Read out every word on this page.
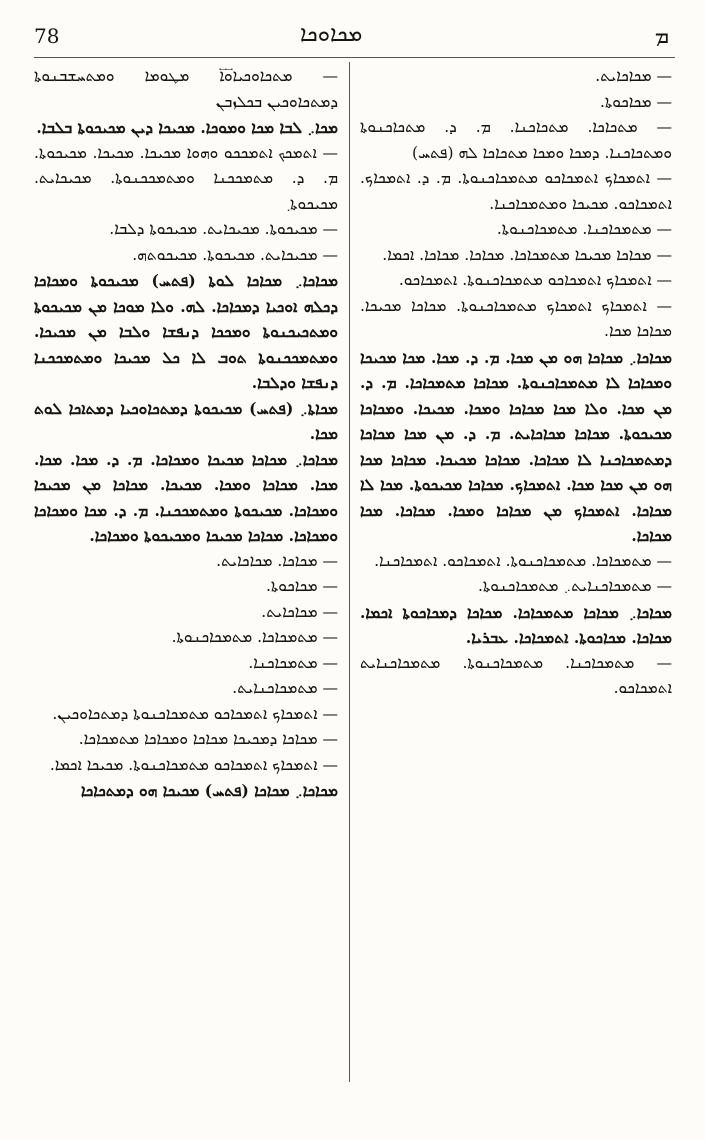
78	ܡܟܐܘܟܐ	ܡ

— ܡܬܟܐܘܟܝܐ܏ܘܐ ܡܛܘܡܐ ܘܡܬܚܫܒܢܘܬܐ ܕܡܬܟܐܘܟܝܢ ܒܟܠܙܒܢ

ܡܟܐ܇ ܠܒܐ ܡܟܐ ܘܡܘܟܐ. ܡܟܝܟܐ ܕܝܢ ܡܟܝܟܘܬܐ ܒܠܒܐ.

— ܐܬܡܟܟ ܐܬܡܟܟܘ ܘܗܘܐ ܡܟܝܟܐ. ܡܟܝܟܐ. ܡܟܝܟܘܬܐ. ܡ. ܕ. ܡܬܡܟܟܢܐ ܘܡܬܡܟܟܢܘܬܐ. ܡܟܝܟܐܝܬ. ܡܟܝܟܘܬܐ܂

— ܡܟܝܟܘܬܐ. ܡܟܝܟܐܝܬ. ܡܟܝܟܘܬܐ ܕܠܒܐ.

— ܡܟܝܟܐܝܬ. ܡܟܝܟܘܬܐ. ܡܟܝܟܘܬܗ.

ܡܟܐܟܐ܇ ܡܟܐܟܐ ܠܘܬܐ (ܦܬܚ) ܡܟܝܟܘܬܐ ܘܡܟܐܟܐ ܕܟܠܗ ܐܘܟܝܐ ܕܡܟܐܟܐ. ܠܗ. ܘܠܐ ܡܘܟܐ ܡܢ ܡܟܝܟܘܬܐ ܘܡܬܟܝܟܢܘܬܐ ܘܡܟܟܐ ܕܢܦܫܐ ܘܠܒܐ ܡܢ ܡܟܝܟܐ. ܘܡܬܡܟܟܢܘܬܐ ܬܘܒ ܠܐ ܟܠ ܡܟܝܟܐ ܘܡܬܡܟܟܢܐ ܕܢܦܫܐ ܘܕܠܒܐ.

ܡܟܐܬܐ܇ (ܦܬܚ) ܡܟܝܟܘܬܐ ܕܡܬܟܐܘܟܝܐ ܕܡܬܐܟܐ ܠܘܬ ܡܟܐ.

ܡܟܐܟܐ܇ ܡܟܐܟܐ ܡܟܝܟܐ ܘܡܟܐܟܐ. ܡ. ܕ. ܡܟܐ. ܡܟܐ. ܡܟܐ. ܡܟܐܟܐ ܘܡܟܐ. ܡܟܝܟܐ. ܡܟܐܟܐ ܡܢ ܡܟܝܟܐ ܘܡܟܐܟܐ. ܡܟܝܟܘܬܐ ܘܡܬܡܟܟܢܐ. ܡ. ܕ. ܡܟܐ ܘܡܟܐܟܐ ܘܡܟܐܟܐ. ܡܟܐܟܐ ܡܟܝܟܐ ܘܡܟܝܟܘܬܐ ܘܡܟܐܟܐ.

— ܡܟܐܟܐ. ܡܟܐܟܐܝܬ.

— ܡܟܐܟܘܬܐ.

— ܡܟܐܟܐܝܬ.

— ܡܬܡܟܐܟܐ. ܡܬܡܟܐܟܢܘܬܐ.

— ܡܬܡܟܐܟܢܐ.

— ܡܬܡܟܐܟܢܐܝܬ.

— ܐܬܡܟܐܟ ܐܬܡܟܐܟܘ ܡܬܡܟܐܟܢܘܬܐ ܕܡܬܟܐܘܟܝܢ.

— ܡܟܐܟܐ ܕܡܟܝܟܐ ܡܟܐܟܐ ܘܡܟܐܟܐ ܡܬܡܟܐܟܐ.

— ܐܬܡܟܐܟ ܐܬܡܟܐܟܘ ܡܬܡܟܐܟܢܘܬܐ. ܡܟܝܟܐ ܐܟܡܐ.

ܡܟܐܟܐ܇ ܡܟܐܟܐ (ܦܬܚ) ܡܟܝܟܐ ܗܘ ܕܡܬܟܐܟܐ

— ܡܟܐܟܐܝܬ.

— ܡܟܐܟܘܬܐ.

— ܡܬܟܐܟܐ. ܡܬܟܐܟܢܐ. ܡ. ܕ. ܡܬܟܐܟܢܘܬܐ ܘܡܬܟܐܟܢܐ. ܕܡܟܐ ܘܡܟܐ ܡܬܟܐܟܐ ܠܗ (ܦܬܚ)

— ܐܬܡܟܐܟ ܐܬܡܟܐܟܘ ܡܬܡܟܐܟܢܘܬܐ. ܡ. ܕ. ܐܬܡܟܐܟ. ܐܬܡܟܐܟܘ. ܡܟܝܟܐ ܘܡܬܡܟܐܟܢܐ.

— ܡܬܡܟܐܟܢܐ. ܡܬܡܟܐܟܢܘܬܐ.

— ܡܟܐܟܐ ܡܟܝܟܐ ܡܬܡܟܐܟܐ. ܡܟܐܟܐ. ܡܟܐܟܐ. ܐܟܡܐ.

— ܐܬܡܟܐܟ ܐܬܡܟܐܟܘ ܡܬܡܟܐܟܢܘܬܐ. ܐܬܡܟܐܟܘ.

— ܐܬܡܟܐܟ ܐܬܡܟܐܟ ܡܬܡܟܐܟܢܘܬܐ. ܡܟܐܟܐ ܡܟܝܟܐ. ܡܟܐܟܐ ܡܟܐ.

ܡܟܐܟܐ܇ ܡܟܐܟܐ ܗܘ ܡܢ ܡܟܐ. ܡ. ܕ. ܡܟܐ. ܡܟܐ ܡܟܝܟܐ ܘܡܟܐܟܐ ܠܐ ܡܬܡܟܐܟܢܘܬܐ. ܡܟܐܟܐ ܡܬܡܟܐܟܐ. ܡ. ܕ. ܡܢ ܡܟܐ. ܘܠܐ ܡܟܐ ܡܟܐܟܐ ܘܡܟܐ. ܡܟܝܟܐ. ܘܡܟܐܟܐ ܡܟܝܟܘܬܐ. ܡܟܐܟܐ ܡܟܐܟܐܝܬ. ܡ. ܕ. ܡܢ ܡܟܐ ܡܟܐܟܐ ܕܡܬܡܟܐܟܢܐ ܠܐ ܡܟܐܟܐ. ܡܟܐܟܐ ܡܟܝܟܐ. ܡܟܐܟܐ ܡܟܐ ܗܘ ܡܢ ܡܟܐ ܡܟܐ. ܐܬܡܟܐܟ. ܡܟܐܟܐ ܡܟܝܟܘܬܐ. ܡܟܐ ܠܐ ܡܟܐܟܐ. ܐܬܡܟܐܟ ܡܢ ܡܟܐܟܐ ܘܡܟܐ. ܡܟܐܟܐ. ܡܟܐ ܡܟܐܟܐ.

— ܡܬܡܟܐܟܐ. ܡܬܡܟܐܟܢܘܬܐ. ܐܬܡܟܐܟܘ. ܐܬܡܟܐܟܢܐ.

— ܡܬܡܟܐܟܢܐܝܬ܇ ܡܬܡܟܐܟܢܘܬܐ.

ܡܟܐܟܐ܇ ܡܟܐܟܐ ܡܬܡܟܐܟܐ. ܡܟܐܟܐ ܕܡܟܐܟܘܬܐ ܐܟܡܐ. ܡܟܐܟܐ. ܡܟܐܟܘܬܐ. ܐܬܡܟܐܟܐ. ܥܒܪܝܐ.

— ܡܬܡܟܐܟܢܐ. ܡܬܡܟܐܟܢܘܬܐ. ܡܬܡܟܐܟܢܐܝܬ ܐܬܡܟܐܟܘ.
